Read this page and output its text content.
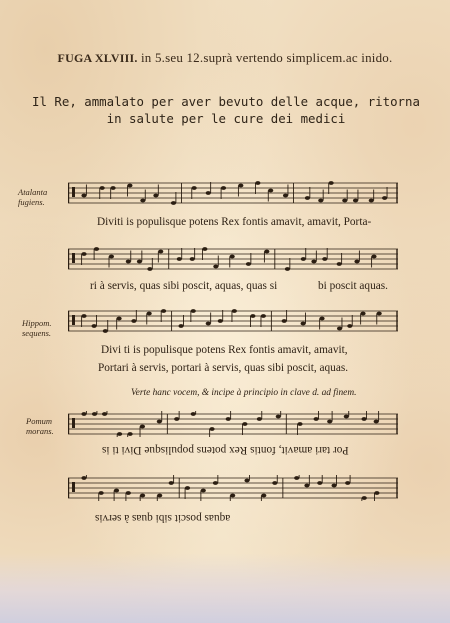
FUGA XLVIII. in 5.seu 12.suprà vertendo simplicem.ac inido.
Il Re, ammalato per aver bevuto delle acque, ritorna in salute per le cure dei medici
Atalanta
fugiens.
Hippom.
sequens.
Pomum
morans.
Diviti is populisque potens Rex fontis amavit, amavit, Porta-
ri à servis, quas sibi poscit, aquas, quas si	bi poscit aquas.
Divi ti is populisque potens Rex fontis amavit, amavit,
Portari à servis, portari à servis, quas sibi poscit, aquas.
Verte hanc vocem, & incipe à principio in clave d. ad finem.
Por tari amavit, fontis Rex potens populisque Divi ti is
aquas poscit sibi quas à servis
